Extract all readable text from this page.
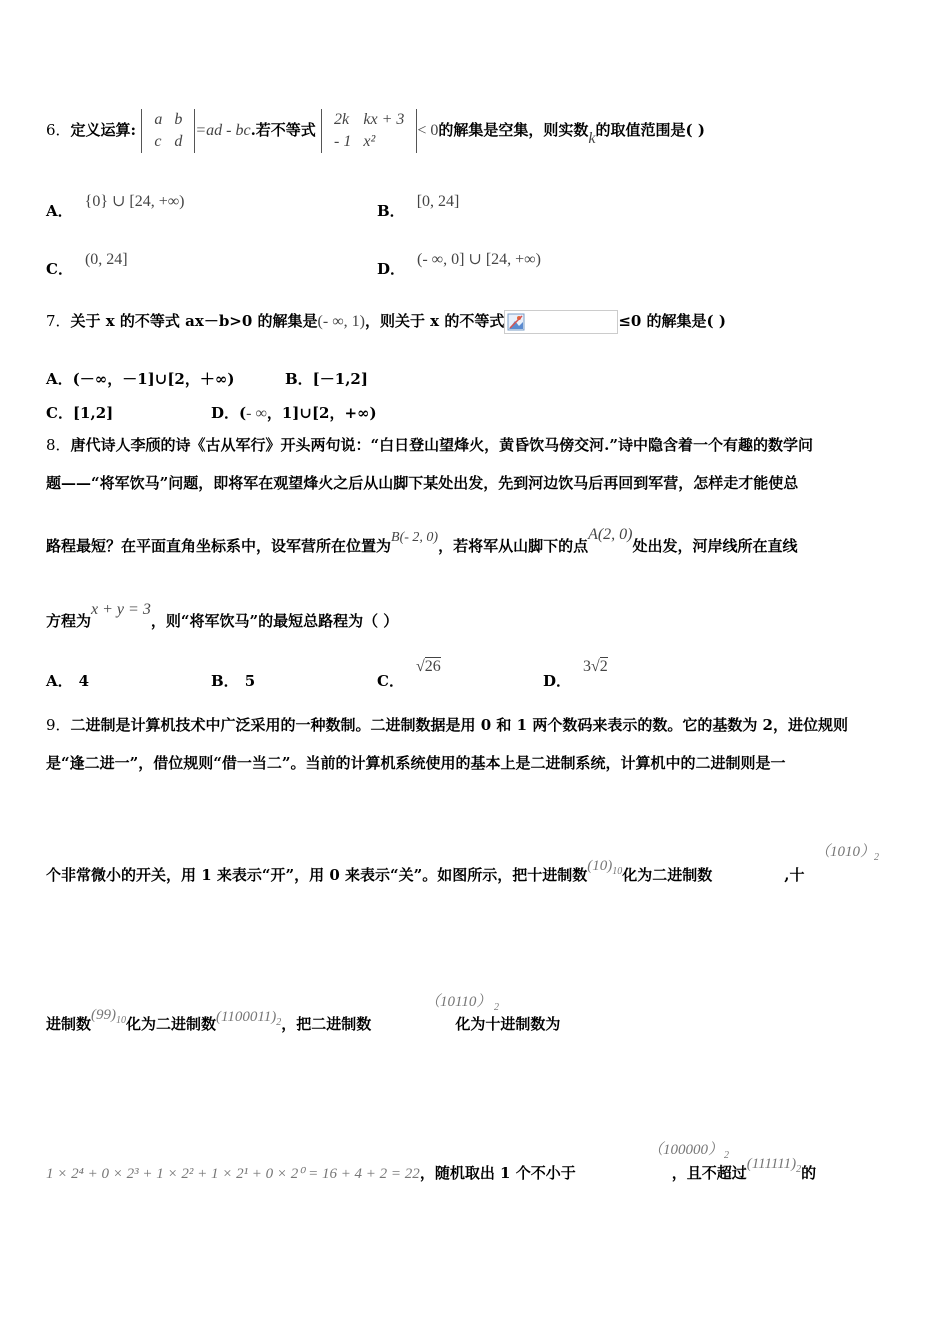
6．定义运算:
a	b
c	d
=ad - bc.若不等式
2k	kx + 3
- 1	x²
< 0的解集是空集，则实数k的取值范围是( )
A．{0} ∪ [24, +∞)
B．[0, 24]
C．(0, 24]
D．(- ∞, 0] ∪ [24, +∞)
7．关于 x 的不等式 ax－b>0 的解集是(- ∞, 1)，则关于 x 的不等式	≤0 的解集是( )
A．(－∞，－1]∪[2，＋∞)	B．[－1,2]
C．[1,2]	D．(- ∞，1]∪[2，+∞)
8．唐代诗人李颀的诗《古从军行》开头两句说：“白日登山望烽火，黄昏饮马傍交河.”诗中隐含着一个有趣的数学问
题——“将军饮马”问题，即将军在观望烽火之后从山脚下某处出发，先到河边饮马后再回到军营，怎样走才能使总
路程最短？在平面直角坐标系中，设军营所在位置为B(- 2, 0)，若将军从山脚下的点A(2, 0)处出发，河岸线所在直线
方程为x + y = 3，则“将军饮马”的最短总路程为（ ）
A． 4	B． 5	C．√26
D．3√2
9．二进制是计算机技术中广泛采用的一种数制。二进制数据是用 0 和 1 两个数码来表示的数。它的基数为 2，进位规则
是“逢二进一”，借位规则“借一当二”。当前的计算机系统使用的基本上是二进制系统，计算机中的二进制则是一
个非常微小的开关，用 1 来表示“开”，用 0 来表示“关”。如图所示，把十进制数$(10)_{10}$化为二进制数	,十
（1010）
2
进制数$(99)_{10}$化为二进制数$(1100011)_2$，把二进制数	化为十进制数为
（10110） 2
1 × 2⁴ + 0 × 2³ + 1 × 2² + 1 × 2¹ + 0 × 2⁰ = 16 + 4 + 2 = 22，随机取出 1 个不小于	，且不超过$(111111)_2$的
（100000） 2
